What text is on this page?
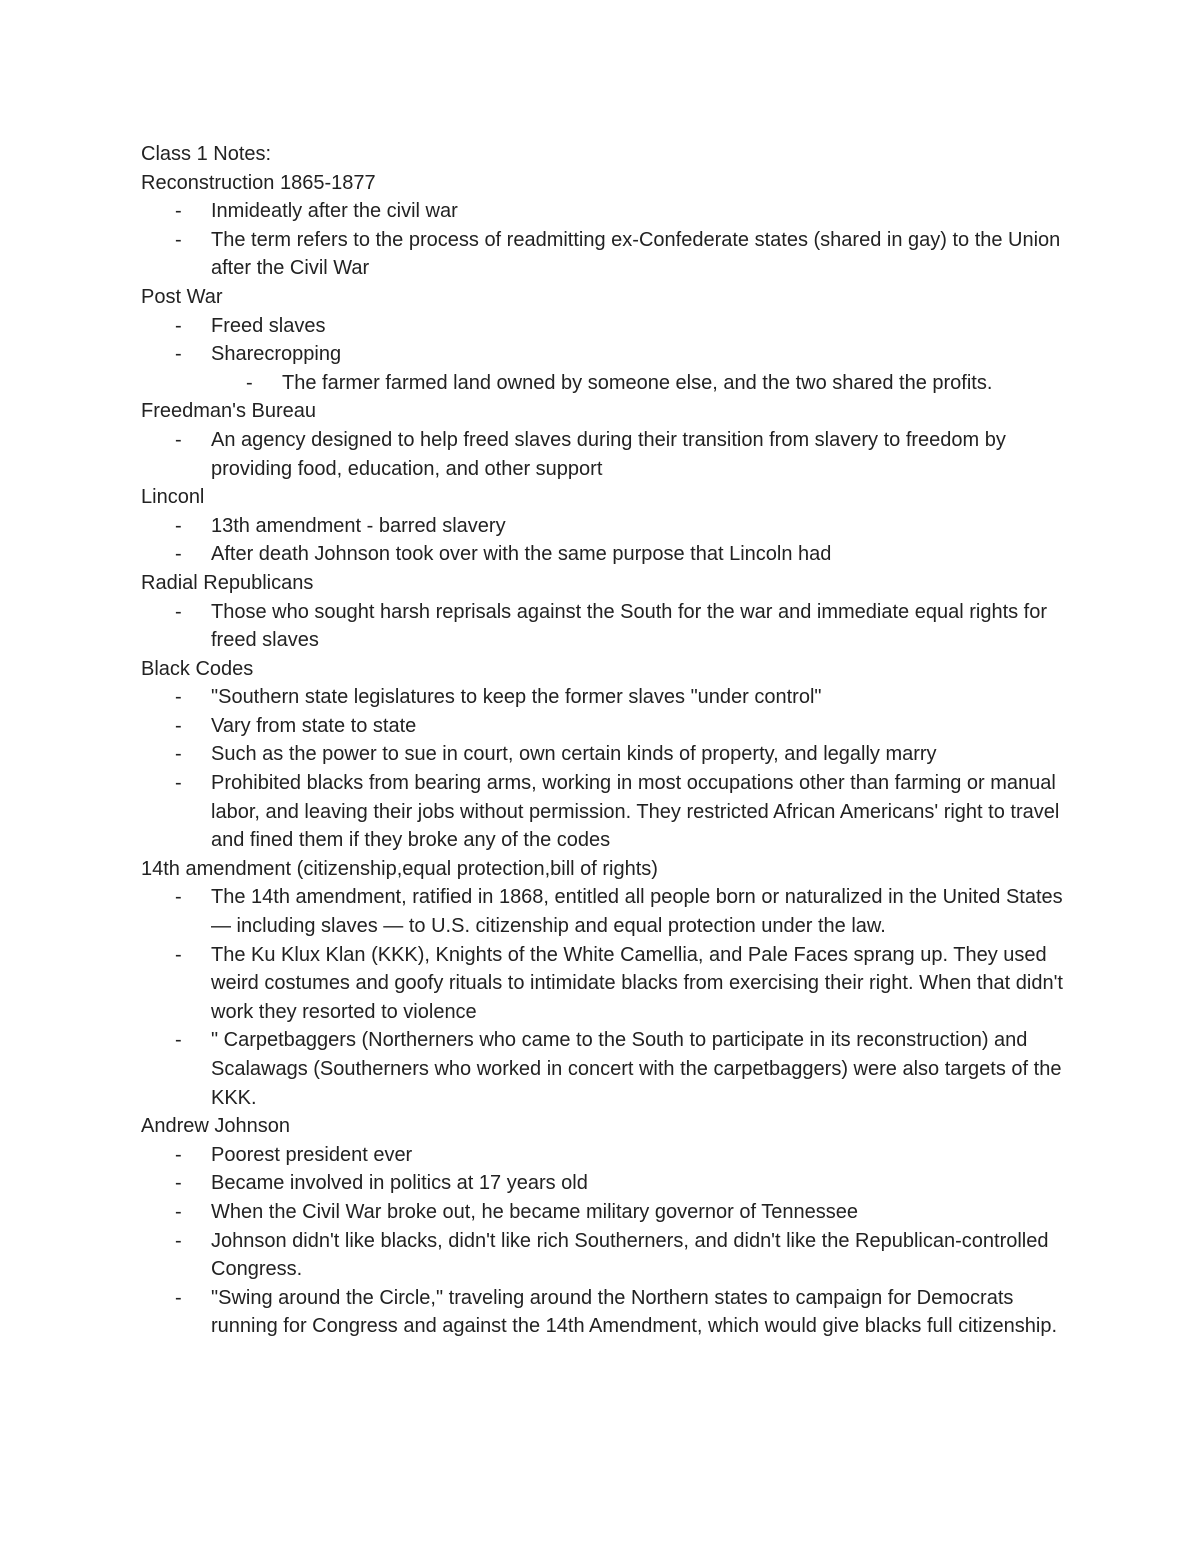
Class 1 Notes:
Reconstruction 1865-1877
- Inmideatly after the civil war
- The term refers to the process of readmitting ex-Confederate states (shared in gay) to the Union after the Civil War
Post War
- Freed slaves
- Sharecropping
- The farmer farmed land owned by someone else, and the two shared the profits.
Freedman's Bureau
- An agency designed to help freed slaves during their transition from slavery to freedom by providing food, education, and other support
Linconl
- 13th amendment - barred slavery
- After death Johnson took over with the same purpose that Lincoln had
Radial Republicans
- Those who sought harsh reprisals against the South for the war and immediate equal rights for freed slaves
Black Codes
- "Southern state legislatures to keep the former slaves "under control"
- Vary from state to state
- Such as the power to sue in court, own certain kinds of property, and legally marry
- Prohibited blacks from bearing arms, working in most occupations other than farming or manual labor, and leaving their jobs without permission. They restricted African Americans' right to travel and fined them if they broke any of the codes
14th amendment (citizenship,equal protection,bill of rights)
- The 14th amendment, ratified in 1868, entitled all people born or naturalized in the United States — including slaves — to U.S. citizenship and equal protection under the law.
- The Ku Klux Klan (KKK), Knights of the White Camellia, and Pale Faces sprang up. They used weird costumes and goofy rituals to intimidate blacks from exercising their right. When that didn't work they resorted to violence
- " Carpetbaggers (Northerners who came to the South to participate in its reconstruction) and Scalawags (Southerners who worked in concert with the carpetbaggers) were also targets of the KKK.
Andrew Johnson
- Poorest president ever
- Became involved in politics at 17 years old
- When the Civil War broke out, he became military governor of Tennessee
- Johnson didn't like blacks, didn't like rich Southerners, and didn't like the Republican-controlled Congress.
- "Swing around the Circle," traveling around the Northern states to campaign for Democrats running for Congress and against the 14th Amendment, which would give blacks full citizenship.
